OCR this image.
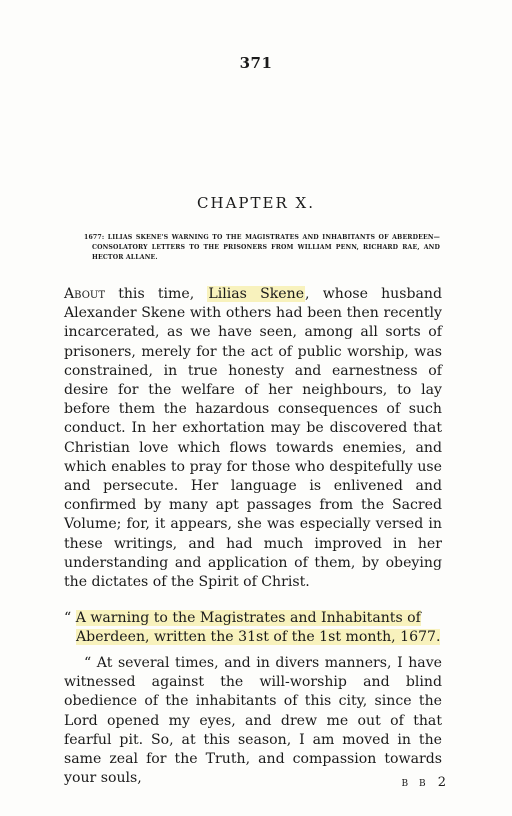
371
CHAPTER X.
1677: LILIAS SKENE'S WARNING TO THE MAGISTRATES AND INHABITANTS OF ABERDEEN—CONSOLATORY LETTERS TO THE PRISONERS FROM WILLIAM PENN, RICHARD RAE, AND HECTOR ALLANE.

About this time, Lilias Skene, whose husband Alexander Skene with others had been then recently incarcerated, as we have seen, among all sorts of prisoners, merely for the act of public worship, was constrained, in true honesty and earnestness of desire for the welfare of her neighbours, to lay before them the hazardous consequences of such conduct. In her exhortation may be discovered that Christian love which flows towards enemies, and which enables to pray for those who despitefully use and persecute. Her language is enlivened and confirmed by many apt passages from the Sacred Volume; for, it appears, she was especially versed in these writings, and had much improved in her understanding and application of them, by obeying the dictates of the Spirit of Christ.

“ A warning to the Magistrates and Inhabitants of
Aberdeen, written the 31st of the 1st month, 1677.

“ At several times, and in divers manners, I have witnessed against the will-worship and blind obedience of the inhabitants of this city, since the Lord opened my eyes, and drew me out of that fearful pit. So, at this season, I am moved in the same zeal for the Truth, and compassion towards your souls,	B B 2
